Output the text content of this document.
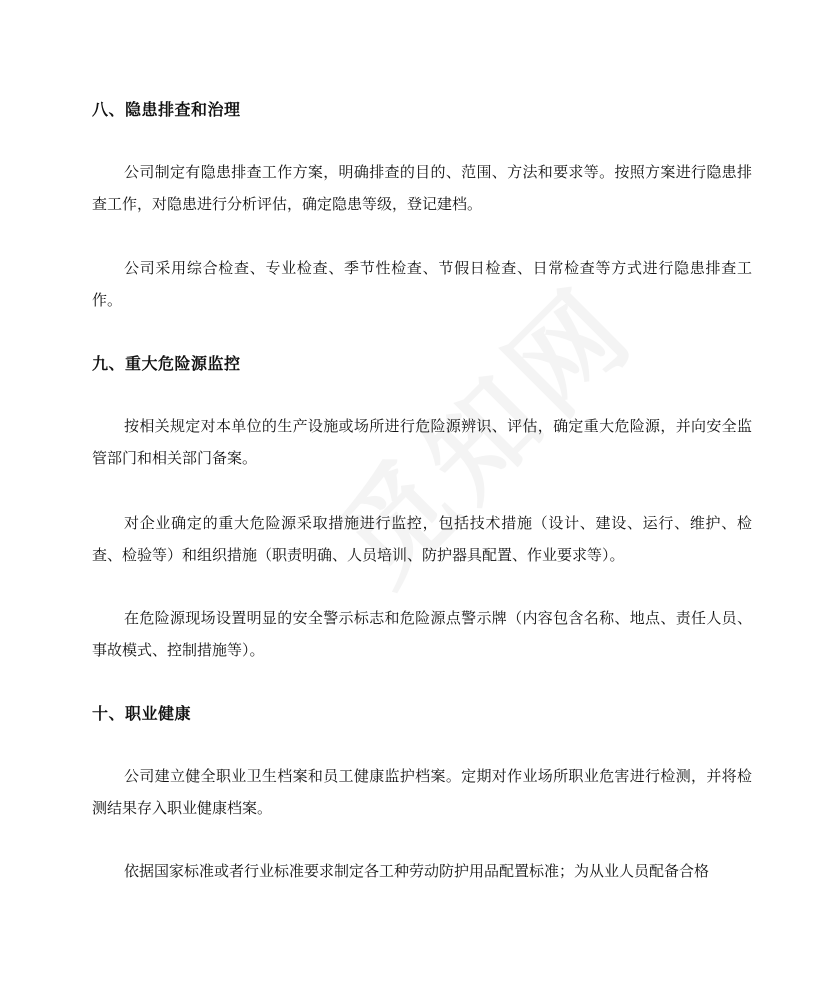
八、隐患排查和治理
公司制定有隐患排查工作方案，明确排查的目的、范围、方法和要求等。按照方案进行隐患排查工作，对隐患进行分析评估，确定隐患等级，登记建档。
公司采用综合检查、专业检查、季节性检查、节假日检查、日常检查等方式进行隐患排查工作。
九、重大危险源监控
按相关规定对本单位的生产设施或场所进行危险源辨识、评估，确定重大危险源，并向安全监管部门和相关部门备案。
对企业确定的重大危险源采取措施进行监控，包括技术措施（设计、建设、运行、维护、检查、检验等）和组织措施（职责明确、人员培训、防护器具配置、作业要求等）。
在危险源现场设置明显的安全警示标志和危险源点警示牌（内容包含名称、地点、责任人员、事故模式、控制措施等）。
十、职业健康
公司建立健全职业卫生档案和员工健康监护档案。定期对作业场所职业危害进行检测，并将检测结果存入职业健康档案。
依据国家标准或者行业标准要求制定各工种劳动防护用品配置标准；为从业人员配备合格
